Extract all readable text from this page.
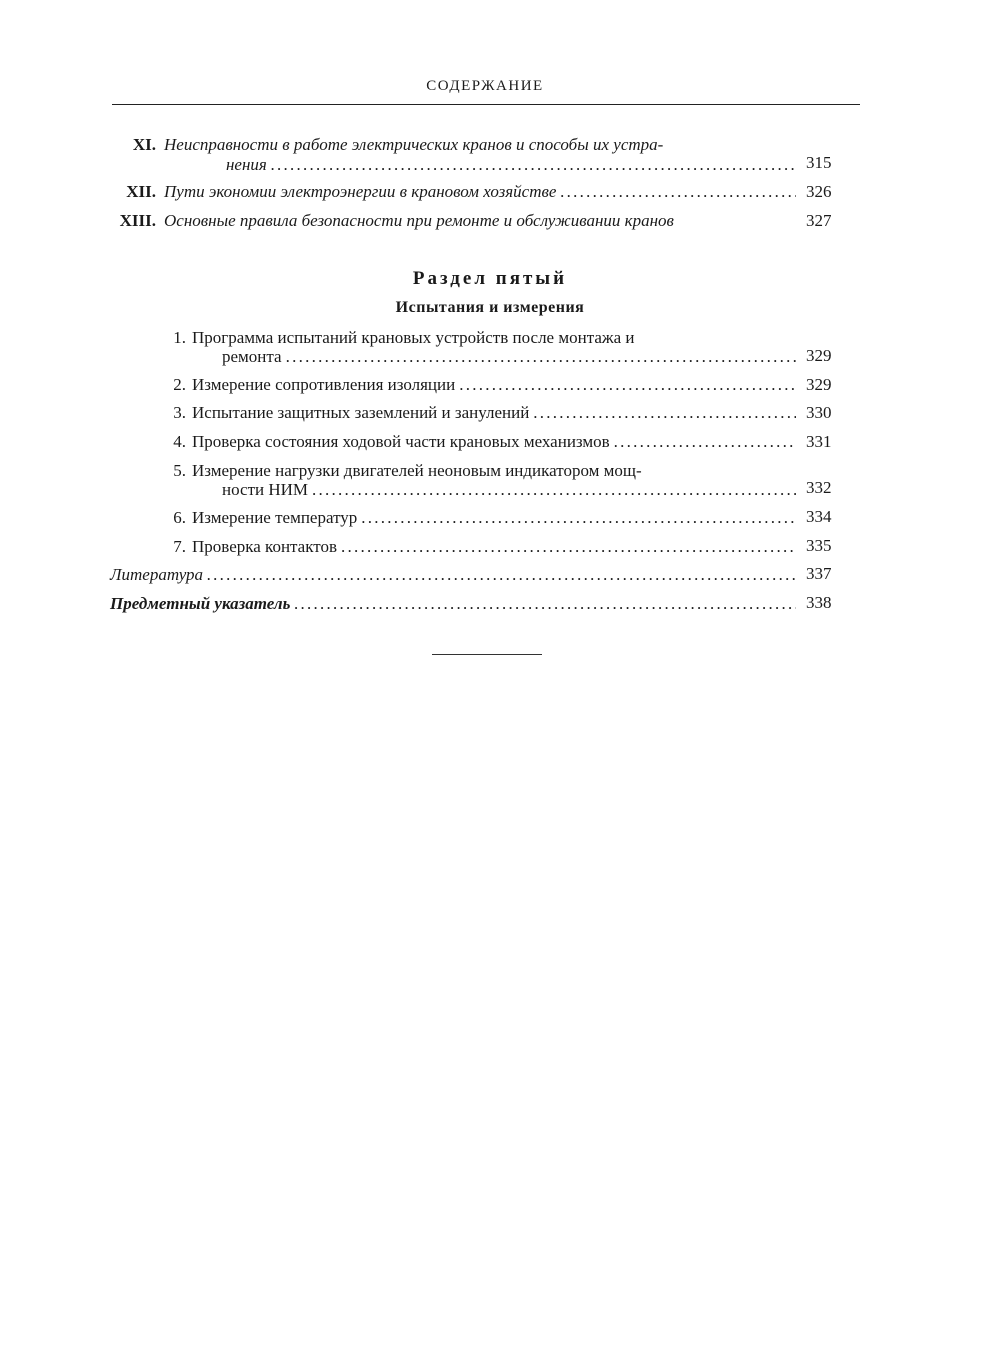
СОДЕРЖАНИЕ
XI. Неисправности в работе электрических кранов и способы их устра-
нения . . .	315
XII. Пути экономии электроэнергии в крановом хозяйстве . . .	326
XIII. Основные правила безопасности при ремонте и обслуживании кранов	327
Раздел пятый
Испытания и измерения
1. Программа испытаний крановых устройств после монтажа и
ремонта . . .	329
2. Измерение сопротивления изоляции . . .	329
3. Испытание защитных заземлений и занулений . . .	330
4. Проверка состояния ходовой части крановых механизмов . . .	331
5. Измерение нагрузки двигателей неоновым индикатором мощ-
ности НИМ . . .	332
6. Измерение температур . . .	334
7. Проверка контактов . . .	335
Литература . . .	337
Предметный указатель . . .	338
